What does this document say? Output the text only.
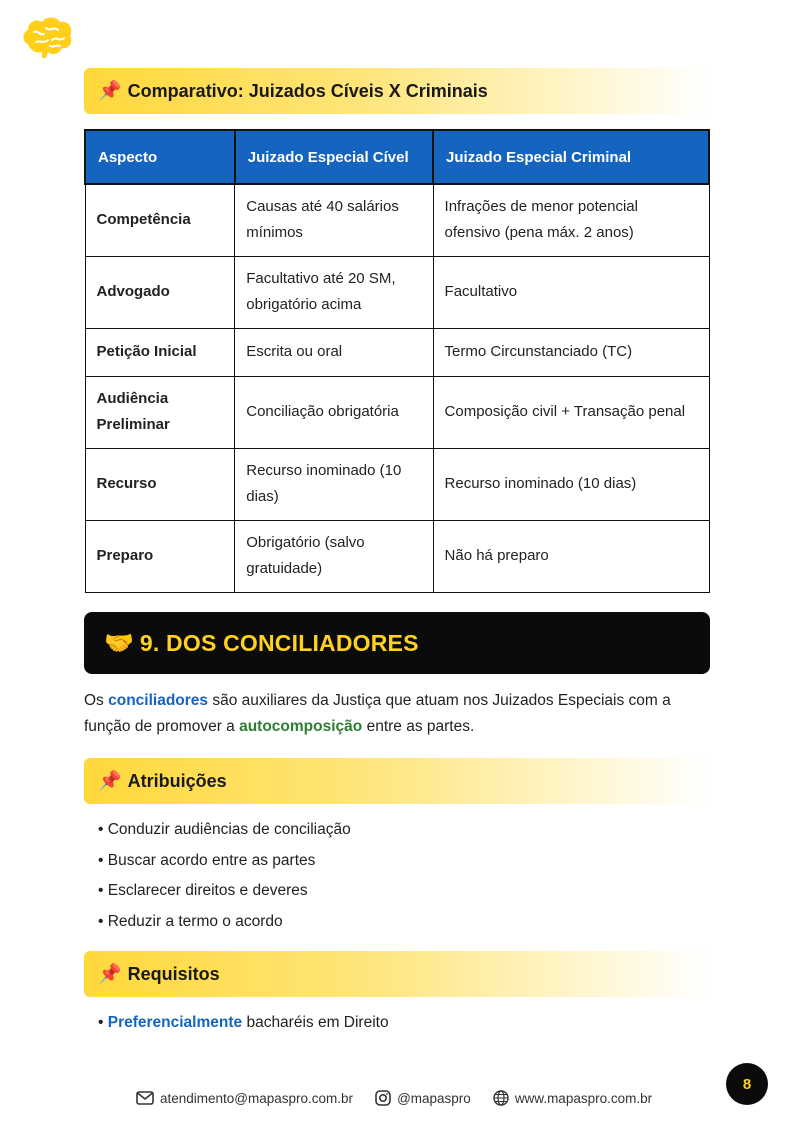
📌 Comparativo: Juizados Cíveis X Criminais
Aspecto	Juizado Especial Cível	Juizado Especial Criminal
Competência	Causas até 40 salários mínimos	Infrações de menor potencial ofensivo (pena máx. 2 anos)
Advogado	Facultativo até 20 SM, obrigatório acima	Facultativo
Petição Inicial	Escrita ou oral	Termo Circunstanciado (TC)
Audiência Preliminar	Conciliação obrigatória	Composição civil + Transação penal
Recurso	Recurso inominado (10 dias)	Recurso inominado (10 dias)
Preparo	Obrigatório (salvo gratuidade)	Não há preparo
🤝 9. DOS CONCILIADORES

Os conciliadores são auxiliares da Justiça que atuam nos Juizados Especiais com a função de promover a autocomposição entre as partes.

📌 Atribuições
• Conduzir audiências de conciliação
• Buscar acordo entre as partes
• Esclarecer direitos e deveres
• Reduzir a termo o acordo
📌 Requisitos
• Preferencialmente bacharéis em Direito
atendimento@mapaspro.com.br	@mapaspro	www.mapaspro.com.br
8
